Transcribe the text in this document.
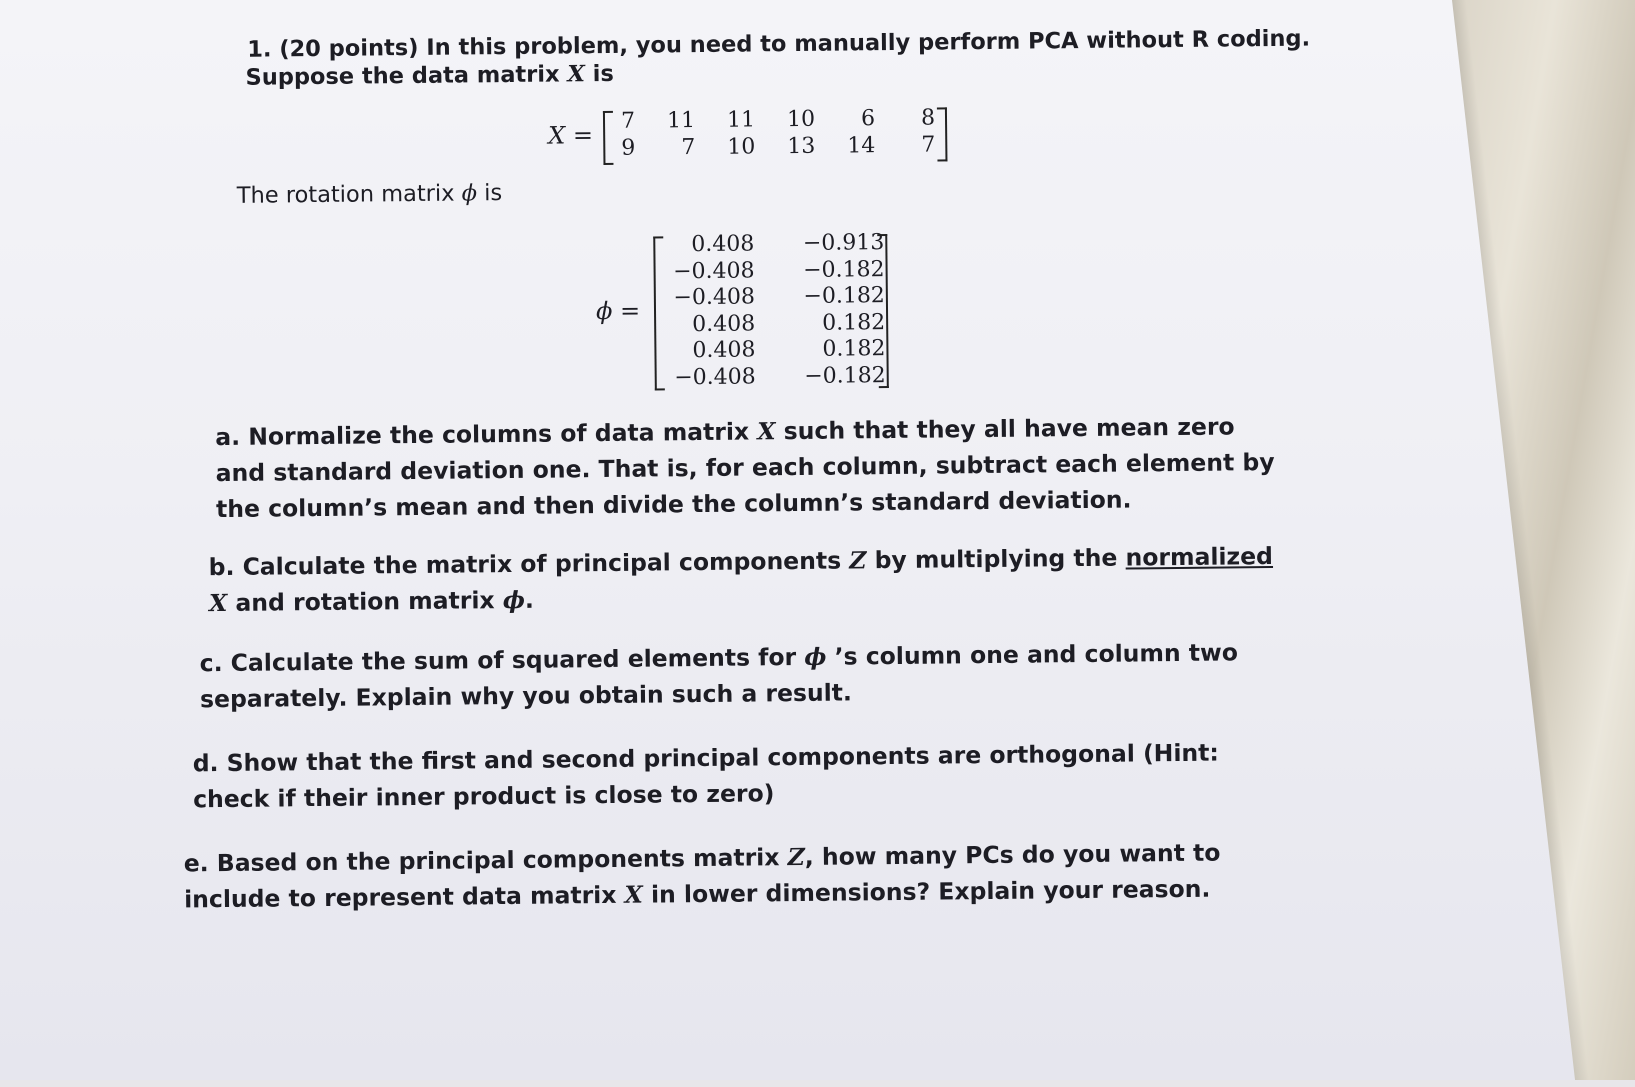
1. (20 points) In this problem, you need to manually perform PCA without R coding.
Suppose the data matrix X is
X =	7	11	11	10	6	8
9	7	10	13	14	7
The rotation matrix ϕ is
ϕ =
0.408	−0.913
−0.408	−0.182
−0.408	−0.182
0.408	0.182
0.408	0.182
−0.408	−0.182
a. Normalize the columns of data matrix X such that they all have mean zero and standard deviation one. That is, for each column, subtract each element by the column’s mean and then divide the column’s standard deviation.
b. Calculate the matrix of principal components Z by multiplying the normalized X and rotation matrix ϕ.
c. Calculate the sum of squared elements for ϕ ’s column one and column two separately. Explain why you obtain such a result.
d. Show that the first and second principal components are orthogonal (Hint: check if their inner product is close to zero)
e. Based on the principal components matrix Z, how many PCs do you want to include to represent data matrix X in lower dimensions? Explain your reason.
